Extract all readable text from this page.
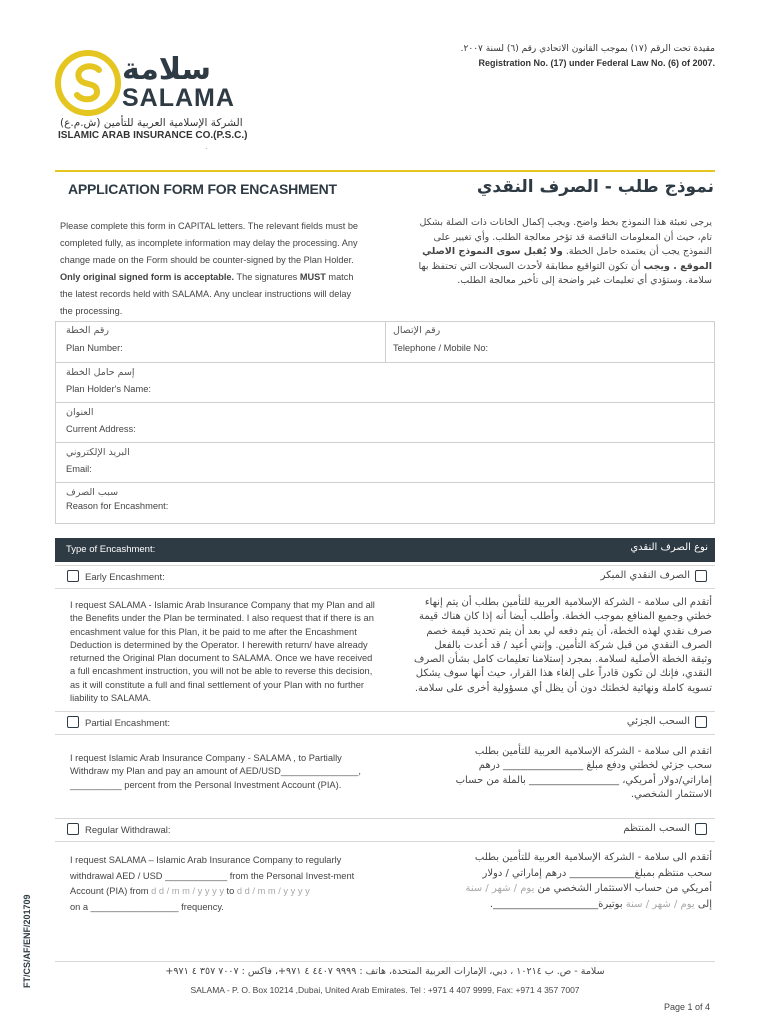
سلامة
SALAMA
الشركة الإسلامية العربية للتأمين (ش.م.ع)
ISLAMIC ARAB INSURANCE CO.(P.S.C.)
مقيدة تحت الرقم (١٧) بموجب القانون الاتحادي رقم (٦) لسنة ٢٠٠٧.
Registration No. (17) under Federal Law No. (6) of 2007.
.
APPLICATION FORM FOR ENCASHMENT	نموذج طلب - الصرف النقدي
Please complete this form in CAPITAL letters. The relevant fields must be completed fully, as incomplete information may delay the processing. Any change made on the Form should be counter-signed by the Plan Holder. Only original signed form is acceptable. The signatures MUST match the latest records held with SALAMA. Any unclear instructions will delay the processing.
يرجى تعبئة هذا النموذج بخط واضح. ويجب إكمال الخانات ذات الصلة بشكل تام، حيث أن المعلومات الناقصة قد تؤخر معالجة الطلب. وأي تغيير على النموذج يجب أن يعتمده حامل الخطة. ولا يُقبل سوى النموذج الاصلي الموقع . ويجب أن تكون التواقيع مطابقة لأحدث السجلات التي تحتفظ بها سلامة. وستؤدي أي تعليمات غير واضحة إلى تأخير معالجة الطلب.
رقم الخطة
Plan Number:
رقم الإتصال
Telephone / Mobile No:
إسم حامل الخطة
Plan Holder's Name:
العنوان
Current Address:
البريد الإلكتروني
Email:
سبب الصرف
Reason for Encashment:
Type of Encashment:	نوع الصرف النقدي
Early Encashment:	الصرف النقدي المبكر
I request SALAMA - Islamic Arab Insurance Company that my Plan and all the Benefits under the Plan be terminated. I also request that if there is an encashment value for this Plan, it be paid to me after the Encashment Deduction is determined by the Operator. I herewith return/ have already returned the Original Plan document to SALAMA. Once we have received a full encashment instruction, you will not be able to reverse this decision, as it will constitute a full and final settlement of your Plan with no further liability to SALAMA.
أتقدم الى سلامة - الشركة الإسلامية العربية للتأمين بطلب أن يتم إنهاء خطتي وجميع المنافع بموجب الخطة. وأطلب أيضا أنه إذا كان هناك قيمة صرف نقدي لهذه الخطة، أن يتم دفعه لي بعد أن يتم تحديد قيمة خصم الصرف النقدي من قبل شركة التأمين. وإنني أعيد / قد أعدت بالفعل وثيقة الخطة الأصلية لسلامة. بمجرد إستلامنا تعليمات كامل بشأن الصرف النقدي، فإنك لن تكون قادراً على إلغاء هذا القرار، حيث أنها سوف يشكل تسوية كاملة ونهائية لخطتك دون أن يظل أي مسؤولية أخرى على سلامة.
Partial Encashment:	السحب الجزئي
I request Islamic Arab Insurance Company - SALAMA , to Partially Withdraw my Plan and pay an amount of AED/USD_______________,
__________ percent from the Personal Investment Account (PIA).
اتقدم الى سلامة - الشركة الإسلامية العربية للتأمين بطلب
سحب جزئي لخطتي ودفع مبلغ ________________ درهم
إماراتي/دولار أمريكي، __________________ بالملة من حساب
الاستثمار الشخصي.
Regular Withdrawal:	السحب المنتظم
I request SALAMA – Islamic Arab Insurance Company to regularly withdrawal AED / USD ____________ from the Personal Invest-ment Account (PIA) from d d / m m / y y y y to d d / m m / y y y y
on a _________________ frequency.
أتقدم الى سلامة - الشركة الإسلامية العربية للتأمين بطلب
سحب منتظم بمبلغ_____________ درهم إماراتي / دولار
أمريكي من حساب الاستثمار الشخصي من يوم / شهر / سنة
إلى يوم / شهر / سنة بوتيرة_____________________.
FT/CS/AF/ENF/201709	سلامة - ص. ب ١٠٢١٤ ، دبي، الإمارات العربية المتحدة، هاتف : ٩٩٩٩ ٤٤٠٧ ٤ ٩٧١+، فاكس : ٧٠٠٧ ٣٥٧ ٤ ٩٧١+
SALAMA - P. O. Box 10214 ,Dubai, United Arab Emirates. Tel : +971 4 407 9999, Fax: +971 4 357 7007
Page 1 of 4
